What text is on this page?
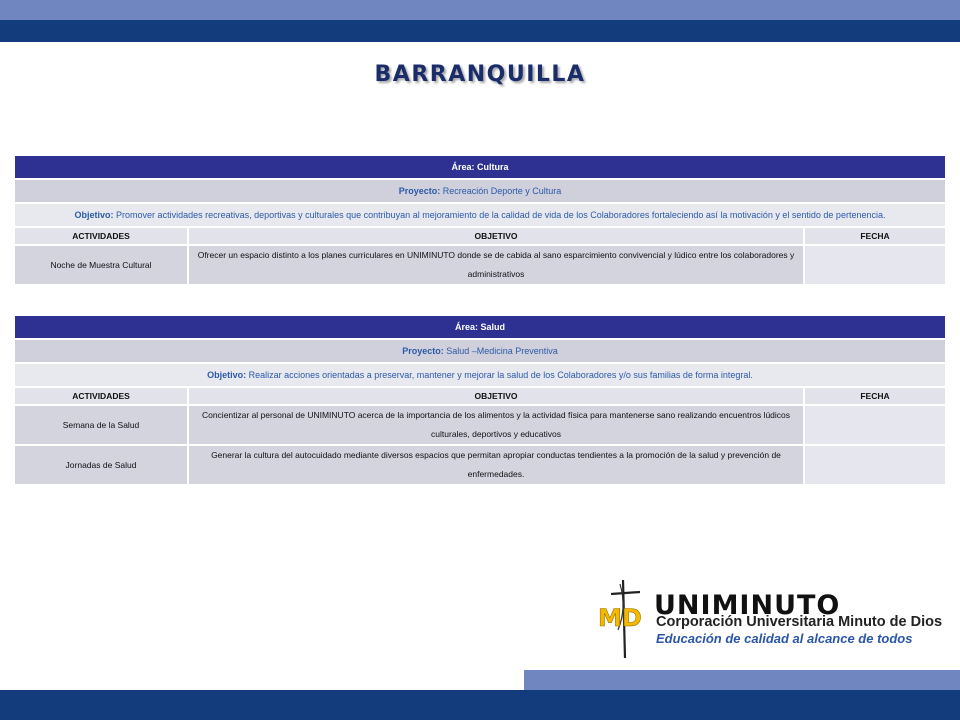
BARRANQUILLA
Área: Cultura		
Proyecto: Recreación Deporte y Cultura		
Objetivo: Promover actividades recreativas, deportivas y culturales que contribuyan al mejoramiento de la calidad de vida de los Colaboradores fortaleciendo así la motivación y el sentido de pertenencia.		
ACTIVIDADES	OBJETIVO	FECHA
Noche de Muestra Cultural	Ofrecer un espacio distinto a los planes curriculares en UNIMINUTO donde se de cabida al sano esparcimiento convivencial y lúdico entre los colaboradores y administrativos	
Área: Salud		
Proyecto: Salud –Medicina Preventiva		
Objetivo: Realizar acciones orientadas a preservar, mantener y mejorar la salud de los Colaboradores y/o sus familias de forma integral.		
ACTIVIDADES	OBJETIVO	FECHA
Semana de la Salud	Concientizar al personal de UNIMINUTO acerca de la importancia de los alimentos y la actividad física para mantenerse sano realizando encuentros lúdicos culturales, deportivos y educativos	
Jornadas de Salud	Generar la cultura del autocuidado mediante diversos espacios que permitan apropiar conductas tendientes a la promoción de la salud y prevención de enfermedades.	
MD UNIMINUTO
Corporación Universitaria Minuto de Dios
Educación de calidad al alcance de todos
